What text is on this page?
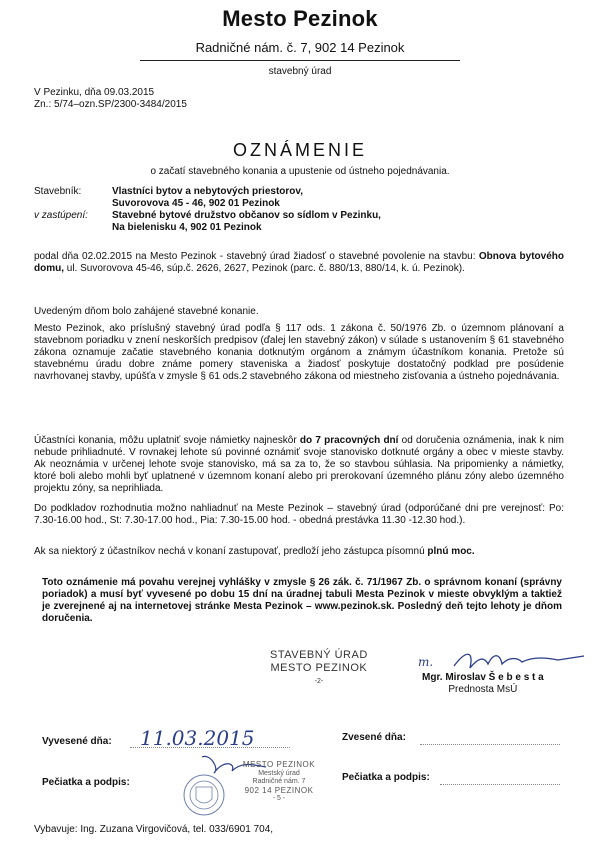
Mesto Pezinok
Radničné nám. č. 7, 902 14 Pezinok
stavebný úrad
V Pezinku, dňa 09.03.2015
Zn.: 5/74–ozn.SP/2300-3484/2015
OZNÁMENIE
o začatí stavebného konania a upustenie od ústneho pojednávania.
Stavebník:	Vlastníci bytov a nebytových priestorov,
Suvorovova 45 - 46, 902 01 Pezinok
v zastúpení:	Stavebné bytové družstvo občanov so sídlom v Pezinku,
Na bielenisku 4, 902 01 Pezinok

podal dňa 02.02.2015 na Mesto Pezinok - stavebný úrad žiadosť o stavebné povolenie na stavbu: Obnova bytového domu, ul. Suvorovova 45-46, súp.č. 2626, 2627, Pezinok (parc. č. 880/13, 880/14, k. ú. Pezinok).

Uvedeným dňom bolo zahájené stavebné konanie.
Mesto Pezinok, ako príslušný stavebný úrad podľa § 117 ods. 1 zákona č. 50/1976 Zb. o územnom plánovaní a stavebnom poriadku v znení neskorších predpisov (ďalej len stavebný zákon) v súlade s ustanovením § 61 stavebného zákona oznamuje začatie stavebného konania dotknutým orgánom a známym účastníkom konania. Pretože sú stavebnému úradu dobre známe pomery staveniska a žiadosť poskytuje dostatočný podklad pre posúdenie navrhovanej stavby, upúšťa v zmysle § 61 ods.2 stavebného zákona od miestneho zisťovania a ústneho pojednávania.

Účastníci konania, môžu uplatniť svoje námietky najneskôr do 7 pracovných dní od doručenia oznámenia, inak k nim nebude prihliadnuté. V rovnakej lehote sú povinné oznámiť svoje stanovisko dotknuté orgány a obec v mieste stavby. Ak neoznámia v určenej lehote svoje stanovisko, má sa za to, že so stavbou súhlasia. Na pripomienky a námietky, ktoré boli alebo mohli byť uplatnené v územnom konaní alebo pri prerokovaní územného plánu zóny alebo územného projektu zóny, sa neprihliada.

Do podkladov rozhodnutia možno nahliadnuť na Meste Pezinok – stavebný úrad (odporúčané dni pre verejnosť: Po: 7.30-16.00 hod., St: 7.30-17.00 hod., Pia: 7.30-15.00 hod. - obedná prestávka 11.30 -12.30 hod.).

Ak sa niektorý z účastníkov nechá v konaní zastupovať, predloží jeho zástupca písomnú plnú moc.

Toto oznámenie má povahu verejnej vyhlášky v zmysle § 26 zák. č. 71/1967 Zb. o správnom konaní (správny poriadok) a musí byť vyvesené po dobu 15 dní na úradnej tabuli Mesta Pezinok v mieste obvyklým a taktiež je zverejnené aj na internetovej stránke Mesta Pezinok – www.pezinok.sk. Posledný deň tejto lehoty je dňom doručenia.
STAVEBNÝ ÚRAD
MESTO PEZINOK
-2-
m.
Mgr. Miroslav Š e b e s t a
Prednosta MsÚ
Vyvesené dňa: 11.03.2015	Zvesené dňa:
Pečiatka a podpis:	Pečiatka a podpis:
MESTO PEZINOK
Mestský úrad
Radničné nám. 7
902 14 PEZINOK
- 5 -
Vybavuje: Ing. Zuzana Virgovičová, tel. 033/6901 704,
